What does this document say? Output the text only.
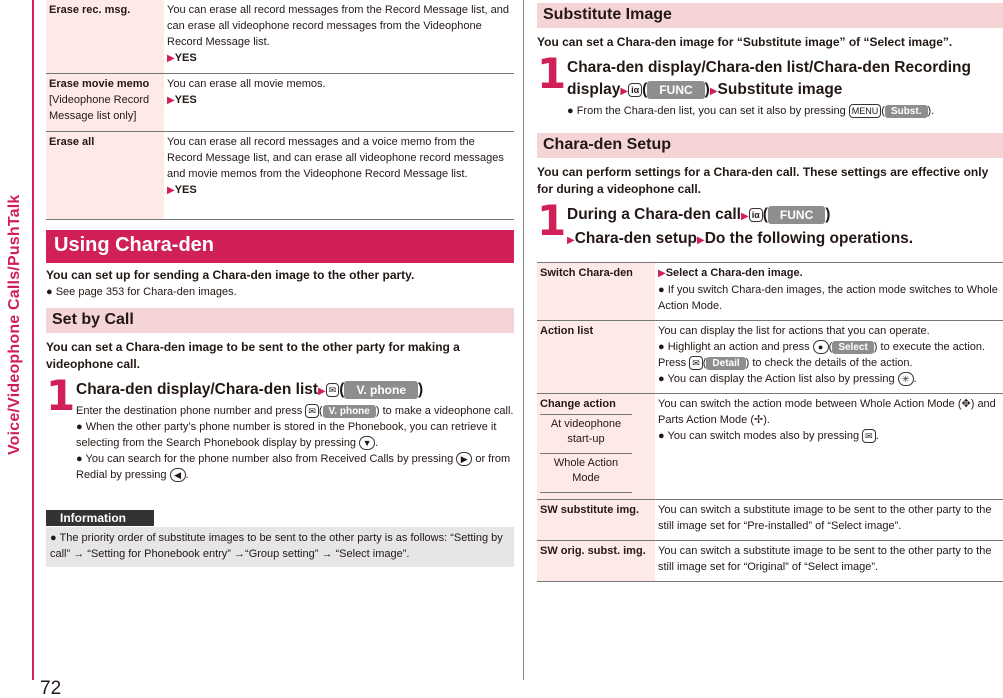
Voice/Videophone Calls/PushTalk
72
Erase rec. msg.	You can erase all record messages from the Record Message list, and can erase all videophone record messages from the Videophone Record Message list.
▶YES
Erase movie memo
[Videophone Record Message list only]	You can erase all movie memos.
▶YES
Erase all	You can erase all record messages and a voice memo from the Record Message list, and can erase all videophone record messages and movie memos from the Videophone Record Message list.
▶YES
Using Chara-den
You can set up for sending a Chara-den image to the other party.
● See page 353 for Chara-den images.
Set by Call
You can set a Chara-den image to be sent to the other party for making a videophone call.
1 Chara-den display/Chara-den list▶ ✉ ( V. phone )
Enter the destination phone number and press ✉ ( V. phone ) to make a videophone call.
● When the other party’s phone number is stored in the Phonebook, you can retrieve it selecting from the Search Phonebook display by pressing ▼ .
● You can search for the phone number also from Received Calls by pressing ▶ or from Redial by pressing ◀ .
Information
● The priority order of substitute images to be sent to the other party is as follows: “Setting by call” → “Setting for Phonebook entry” →“Group setting” → “Select image”.
Substitute Image
You can set a Chara-den image for “Substitute image” of “Select image”.
1 Chara-den display/Chara-den list/Chara-den Recording display▶ iα ( FUNC )▶Substitute image
● From the Chara-den list, you can set it also by pressing MENU ( Subst. ).
Chara-den Setup
You can perform settings for a Chara-den call. These settings are effective only for during a videophone call.
1 During a Chara-den call▶ iα ( FUNC )
▶Chara-den setup▶Do the following operations.
Switch Chara-den	▶Select a Chara-den image.
● If you switch Chara-den images, the action mode switches to Whole Action Mode.
Action list	You can display the list for actions that you can operate.
● Highlight an action and press ● ( Select ) to execute the action. Press ✉ ( Detail ) to check the details of the action.
● You can display the Action list also by pressing ✳ .
Change action
At videophone start-up
Whole Action Mode
	You can switch the action mode between Whole Action Mode (✥) and Parts Action Mode (✢).
● You can switch modes also by pressing ✉ .
SW substitute img.	You can switch a substitute image to be sent to the other party to the still image set for “Pre-installed” of “Select image”.
SW orig. subst. img.	You can switch a substitute image to be sent to the other party to the still image set for “Original” of “Select image”.
